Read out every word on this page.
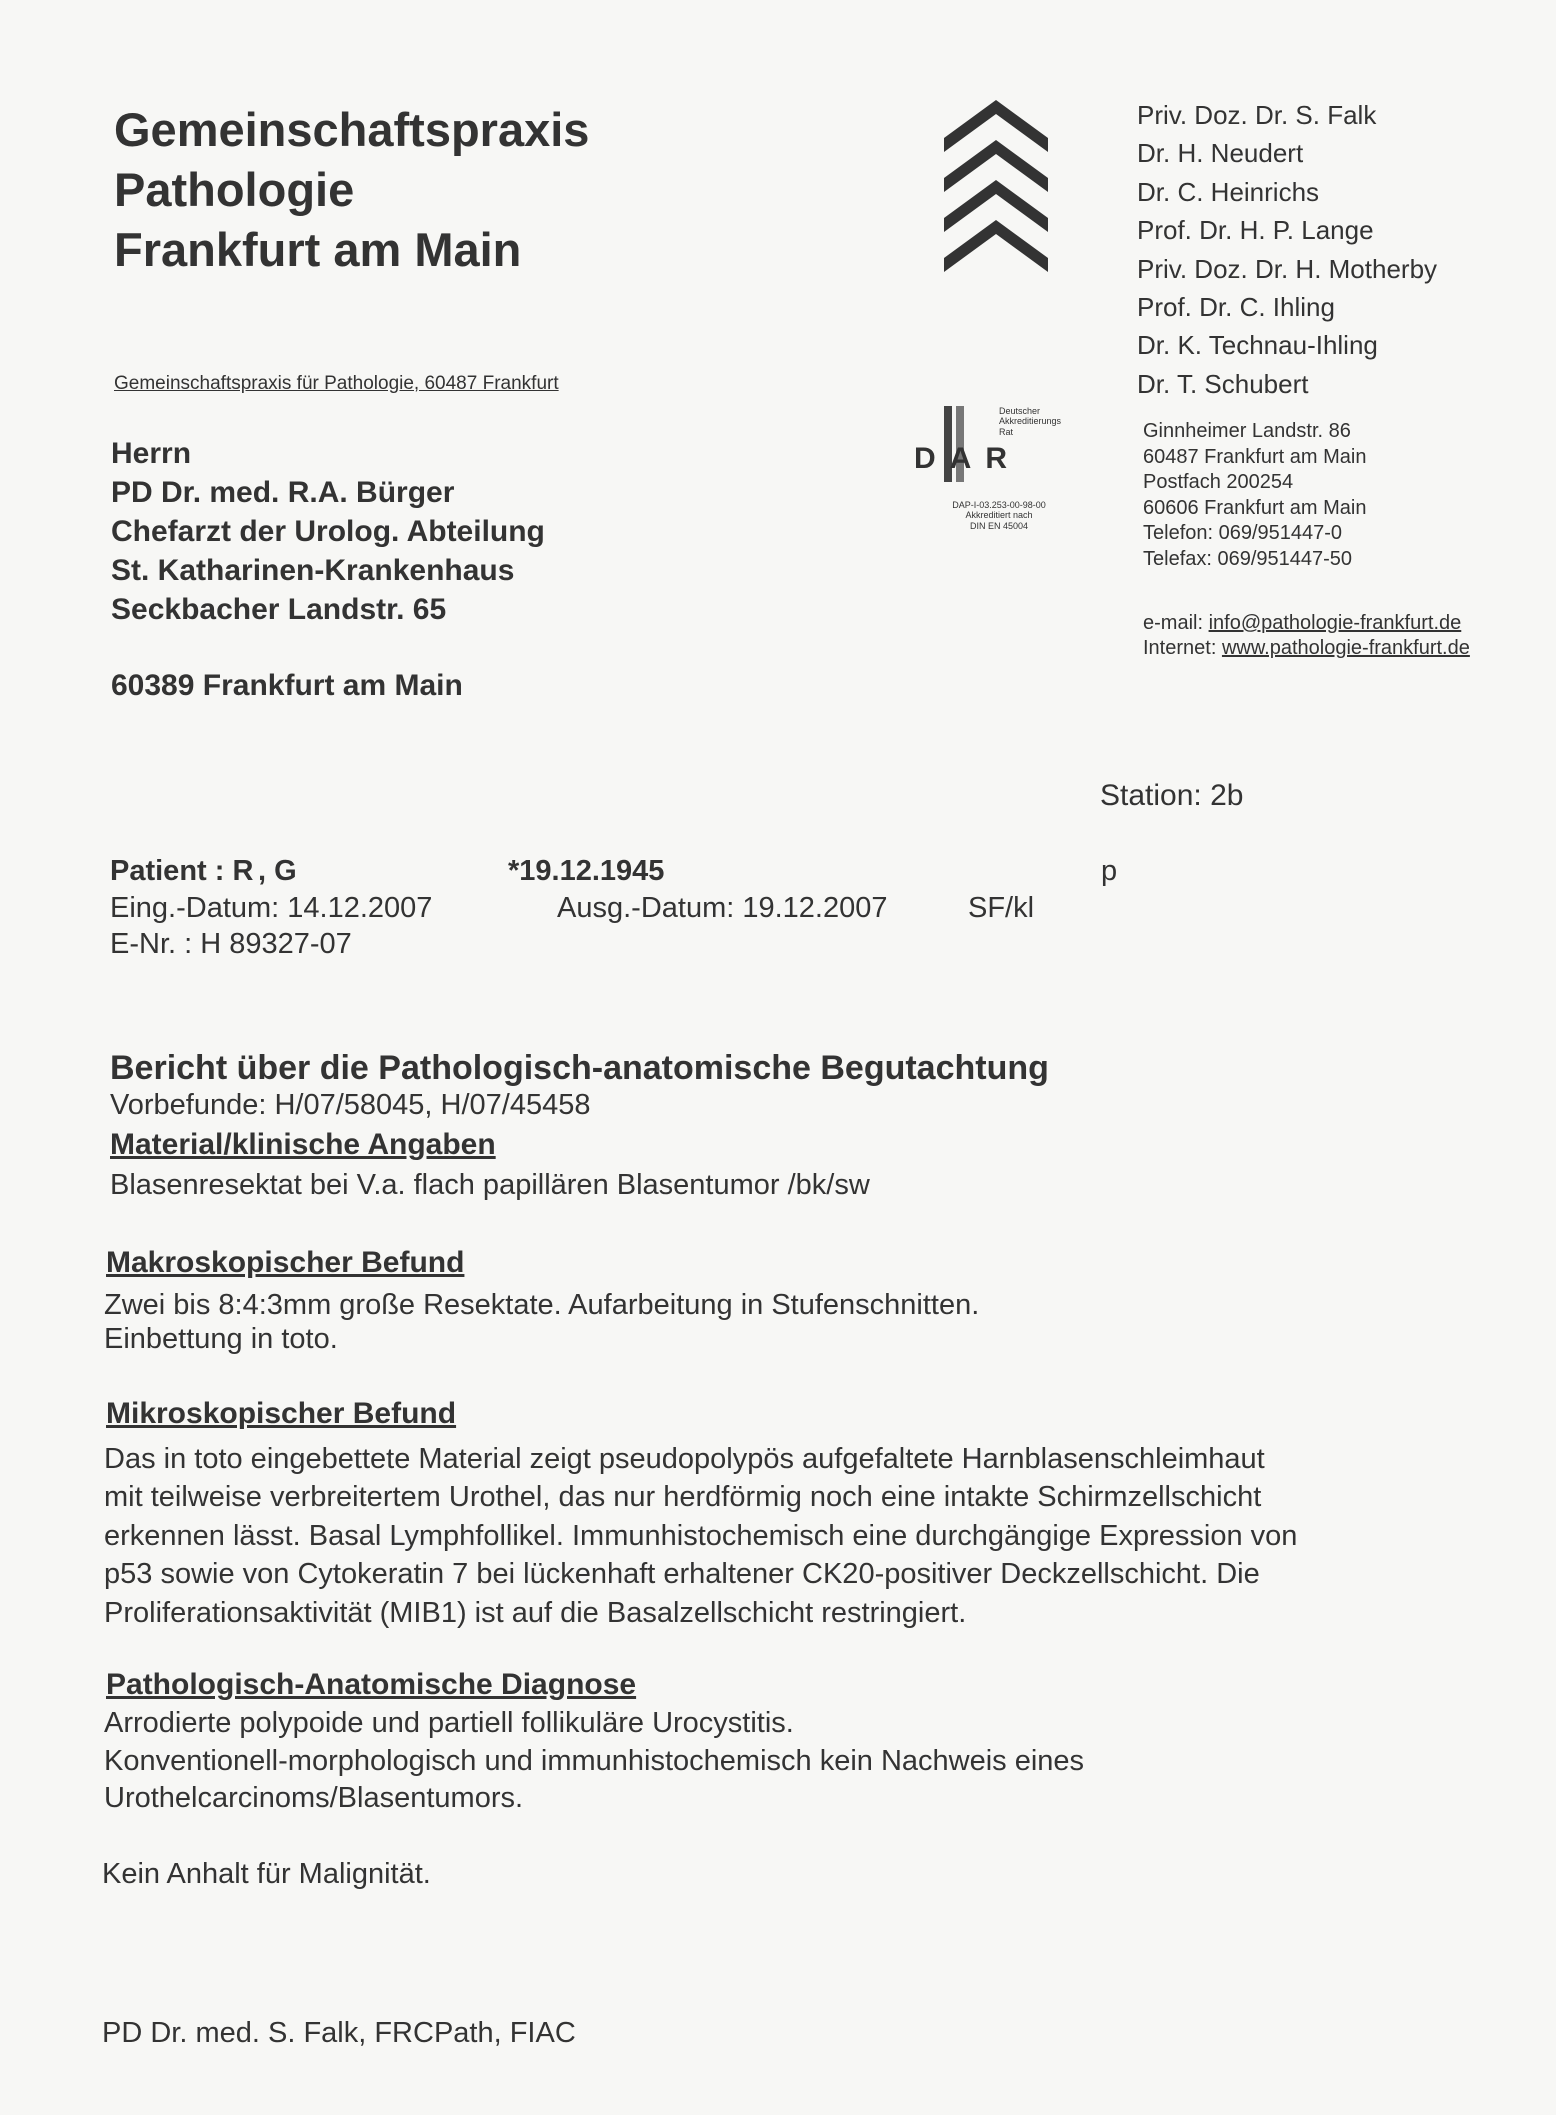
Gemeinschaftspraxis
Pathologie
Frankfurt am Main
Gemeinschaftspraxis für Pathologie, 60487 Frankfurt
Priv. Doz. Dr. S. Falk
Dr. H. Neudert
Dr. C. Heinrichs
Prof. Dr. H. P. Lange
Priv. Doz. Dr. H. Motherby
Prof. Dr. C. Ihling
Dr. K. Technau-Ihling
Dr. T. Schubert
Deutscher
Akkreditierungs
Rat
DAR
DAP-I-03.253-00-98-00
Akkreditiert nach
DIN EN 45004
Ginnheimer Landstr. 86
60487 Frankfurt am Main
Postfach 200254
60606 Frankfurt am Main
Telefon: 069/951447-0
Telefax: 069/951447-50
e-mail: info@pathologie-frankfurt.de
Internet: www.pathologie-frankfurt.de
Herrn
PD Dr. med. R.A. Bürger
Chefarzt der Urolog. Abteilung
St. Katharinen-Krankenhaus
Seckbacher Landstr. 65
60389 Frankfurt am Main
Station: 2b
Patient : R , G	*19.12.1945	p
Eing.-Datum: 14.12.2007	Ausg.-Datum: 19.12.2007	SF/kl
E-Nr. : H 89327-07
Bericht über die Pathologisch-anatomische Begutachtung
Vorbefunde: H/07/58045, H/07/45458
Material/klinische Angaben
Blasenresektat bei V.a. flach papillären Blasentumor /bk/sw
Makroskopischer Befund
Zwei bis 8:4:3mm große Resektate. Aufarbeitung in Stufenschnitten.
Einbettung in toto.
Mikroskopischer Befund
Das in toto eingebettete Material zeigt pseudopolypös aufgefaltete Harnblasenschleimhaut
mit teilweise verbreitertem Urothel, das nur herdförmig noch eine intakte Schirmzellschicht
erkennen lässt. Basal Lymphfollikel. Immunhistochemisch eine durchgängige Expression von
p53 sowie von Cytokeratin 7 bei lückenhaft erhaltener CK20-positiver Deckzellschicht. Die
Proliferationsaktivität (MIB1) ist auf die Basalzellschicht restringiert.
Pathologisch-Anatomische Diagnose
Arrodierte polypoide und partiell follikuläre Urocystitis.
Konventionell-morphologisch und immunhistochemisch kein Nachweis eines
Urothelcarcinoms/Blasentumors.
Kein Anhalt für Malignität.
PD Dr. med. S. Falk, FRCPath, FIAC
